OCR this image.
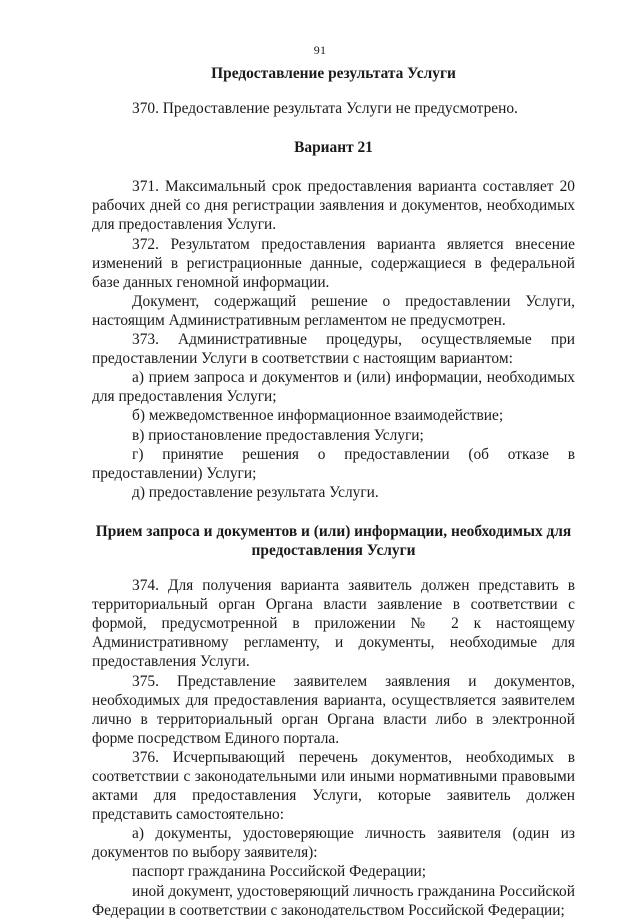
91

Предоставление результата Услуги

370. Предоставление результата Услуги не предусмотрено.

Вариант 21

371. Максимальный срок предоставления варианта составляет 20 рабочих дней со дня регистрации заявления и документов, необходимых для предоставления Услуги.

372. Результатом предоставления варианта является внесение изменений в регистрационные данные, содержащиеся в федеральной базе данных геномной информации.

Документ, содержащий решение о предоставлении Услуги, настоящим Административным регламентом не предусмотрен.

373. Административные процедуры, осуществляемые при предоставлении Услуги в соответствии с настоящим вариантом:

а) прием запроса и документов и (или) информации, необходимых для предоставления Услуги;

б) межведомственное информационное взаимодействие;

в) приостановление предоставления Услуги;

г) принятие решения о предоставлении (об отказе в предоставлении) Услуги;

д) предоставление результата Услуги.

Прием запроса и документов и (или) информации, необходимых для предоставления Услуги

374. Для получения варианта заявитель должен представить в территориальный орган Органа власти заявление в соответствии с формой, предусмотренной в приложении № 2 к настоящему Административному регламенту, и документы, необходимые для предоставления Услуги.

375. Представление заявителем заявления и документов, необходимых для предоставления варианта, осуществляется заявителем лично в территориальный орган Органа власти либо в электронной форме посредством Единого портала.

376. Исчерпывающий перечень документов, необходимых в соответствии с законодательными или иными нормативными правовыми актами для предоставления Услуги, которые заявитель должен представить самостоятельно:

а) документы, удостоверяющие личность заявителя (один из документов по выбору заявителя):

паспорт гражданина Российской Федерации;

иной документ, удостоверяющий личность гражданина Российской Федерации в соответствии с законодательством Российской Федерации;
